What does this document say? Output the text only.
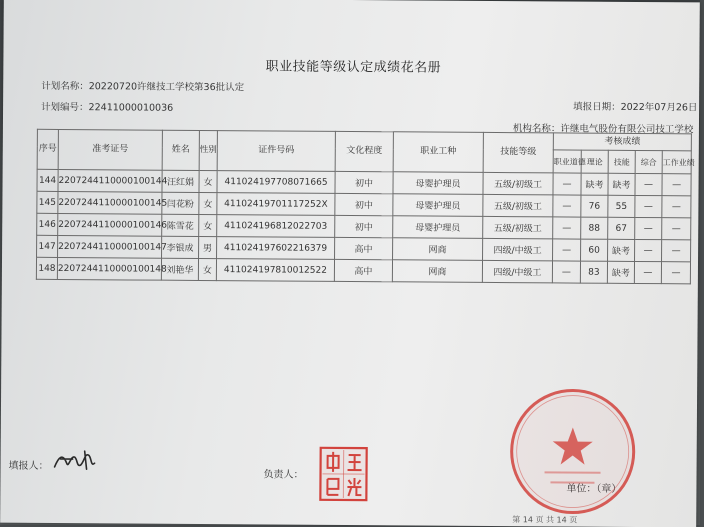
职业技能等级认定成绩花名册
计划名称：20220720许继技工学校第36批认定
计划编号：22411000010036	填报日期：2022年07月26日
机构名称：许继电气股份有限公司技工学校
序号	准考证号	姓名	性别	证件号码	文化程度	职业工种	技能等级	考核成绩				
								职业道德	理论	技能	综合	工作业绩
144	2207244110000100144	汪红娟	女	411024197708071665	初中	母婴护理员	五级/初级工	—	缺考	缺考	—	—
145	2207244110000100145	闫花粉	女	41102419701117252X	初中	母婴护理员	五级/初级工	—	76	55	—	—
146	2207244110000100146	陈雪花	女	411024196812022703	初中	母婴护理员	五级/初级工	—	88	67	—	—
147	2207244110000100147	李银成	男	411024197602216379	高中	网商	四级/中级工	—	60	缺考	—	—
148	2207244110000100148	刘艳华	女	411024197810012522	高中	网商	四级/中级工	—	83	缺考	—	—
填报人：
负责人：
第 14 页 共 14 页
